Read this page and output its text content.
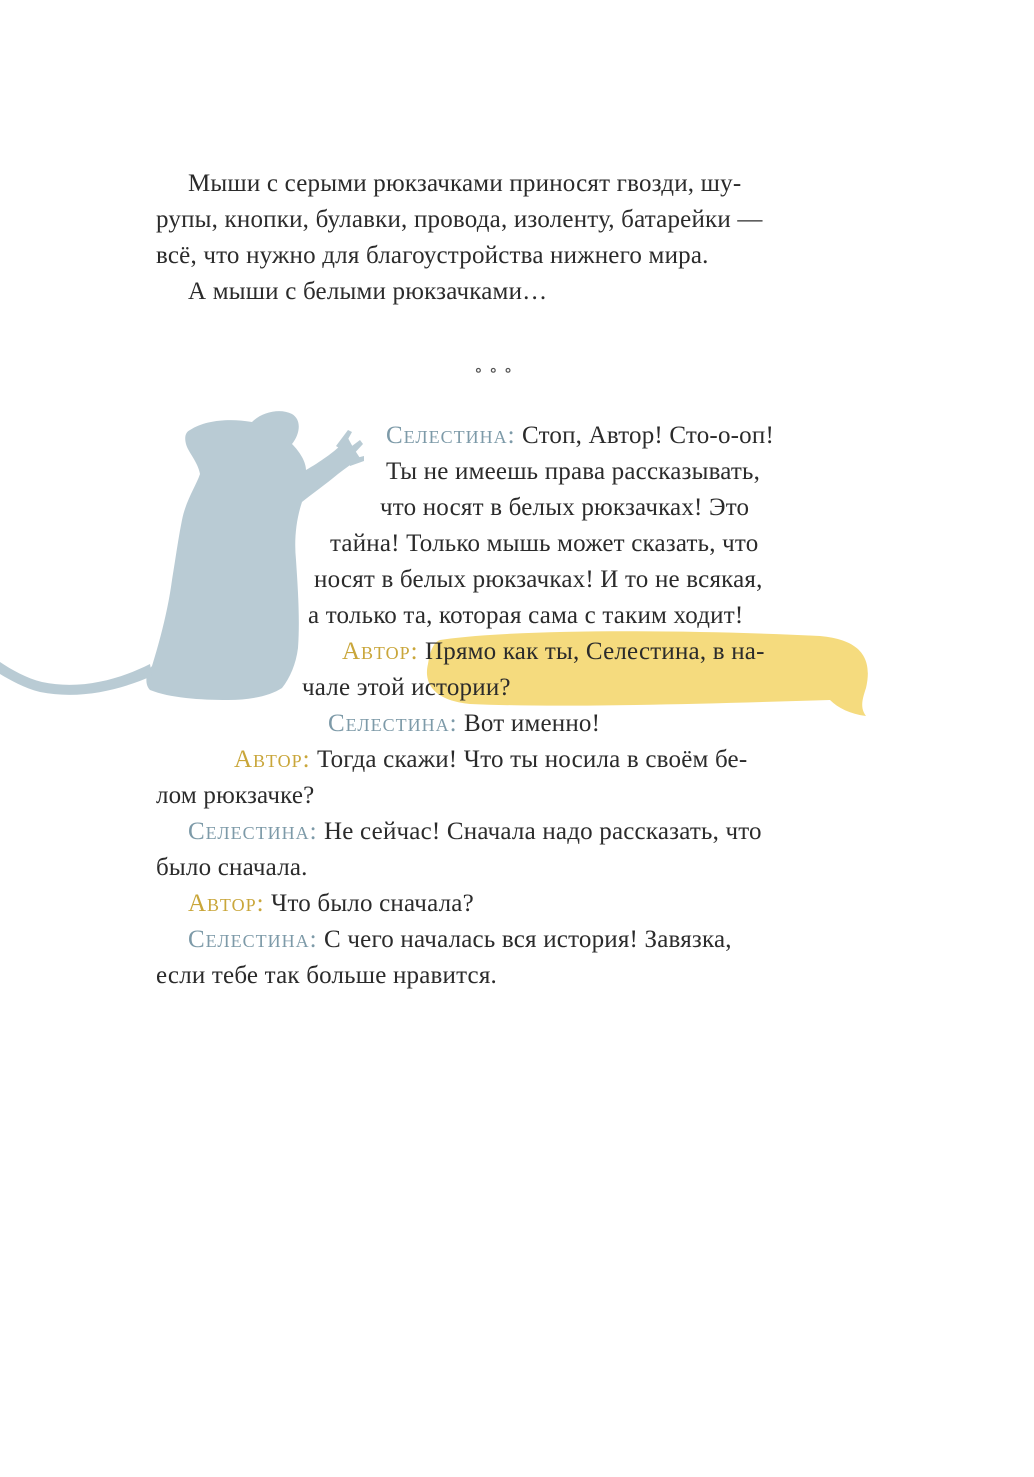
Мыши с серыми рюкзачками приносят гвозди, шу-
рупы, кнопки, булавки, провода, изоленту, батарейки —
всё, что нужно для благоустройства нижнего мира.
А мыши с белыми рюкзачками…
∘∘∘
Селестина: Стоп, Автор! Сто-о-оп!
Ты не имеешь права рассказывать,
что носят в белых рюкзачках! Это
тайна! Только мышь может сказать, что
носят в белых рюкзачках! И то не всякая,
а только та, которая сама с таким ходит!
Автор: Прямо как ты, Селестина, в на-
чале этой истории?
Селестина: Вот именно!
Автор: Тогда скажи! Что ты носила в своём бе-
лом рюкзачке?
Селестина: Не сейчас! Сначала надо рассказать, что
было сначала.
Автор: Что было сначала?
Селестина: С чего началась вся история! Завязка,
если тебе так больше нравится.
